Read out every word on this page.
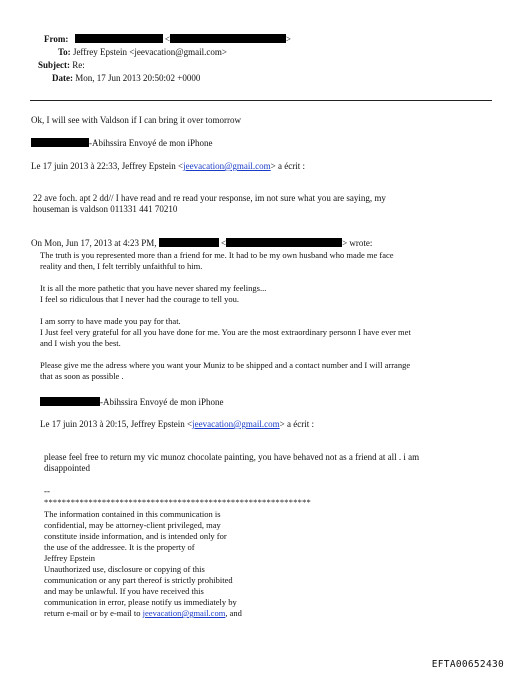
From:	<	>
To: Jeffrey Epstein <jeevacation@gmail.com>
Subject: Re:
Date: Mon, 17 Jun 2013 20:50:02 +0000
Ok, I will see with Valdson if I can bring it over tomorrow
-Abihssira Envoyé de mon iPhone
Le 17 juin 2013 à 22:33, Jeffrey Epstein <jeevacation@gmail.com> a écrit :
22 ave foch. apt 2 dd// I have read and re read your response, im not sure what you are saying, my
houseman is valdson 011331 441 70210
On Mon, Jun 17, 2013 at 4:23 PM,	<	> wrote:

The truth is you represented more than a friend for me. It had to be my own husband who made me face

reality and then, I felt terribly unfaithful to him.

It is all the more pathetic that you have never shared my feelings...

I feel so ridiculous that I never had the courage to tell you.

I am sorry to have made you pay for that.

I Just feel very grateful for all you have done for me. You are the most extraordinary personn I have ever met

and I wish you the best.

Please give me the adress where you want your Muniz to be shipped and a contact number and I will arrange

that as soon as possible .

-Abihssira Envoyé de mon iPhone
Le 17 juin 2013 à 20:15, Jeffrey Epstein <jeevacation@gmail.com> a écrit :
please feel free to return my vic munoz chocolate painting, you have behaved not as a friend at all . i am
disappointed
--
************************************************************

The information contained in this communication is

confidential, may be attorney-client privileged, may

constitute inside information, and is intended only for

the use of the addressee. It is the property of

Jeffrey Epstein

Unauthorized use, disclosure or copying of this

communication or any part thereof is strictly prohibited

and may be unlawful. If you have received this

communication in error, please notify us immediately by

return e-mail or by e-mail to jeevacation@gmail.com, and

EFTA00652430
